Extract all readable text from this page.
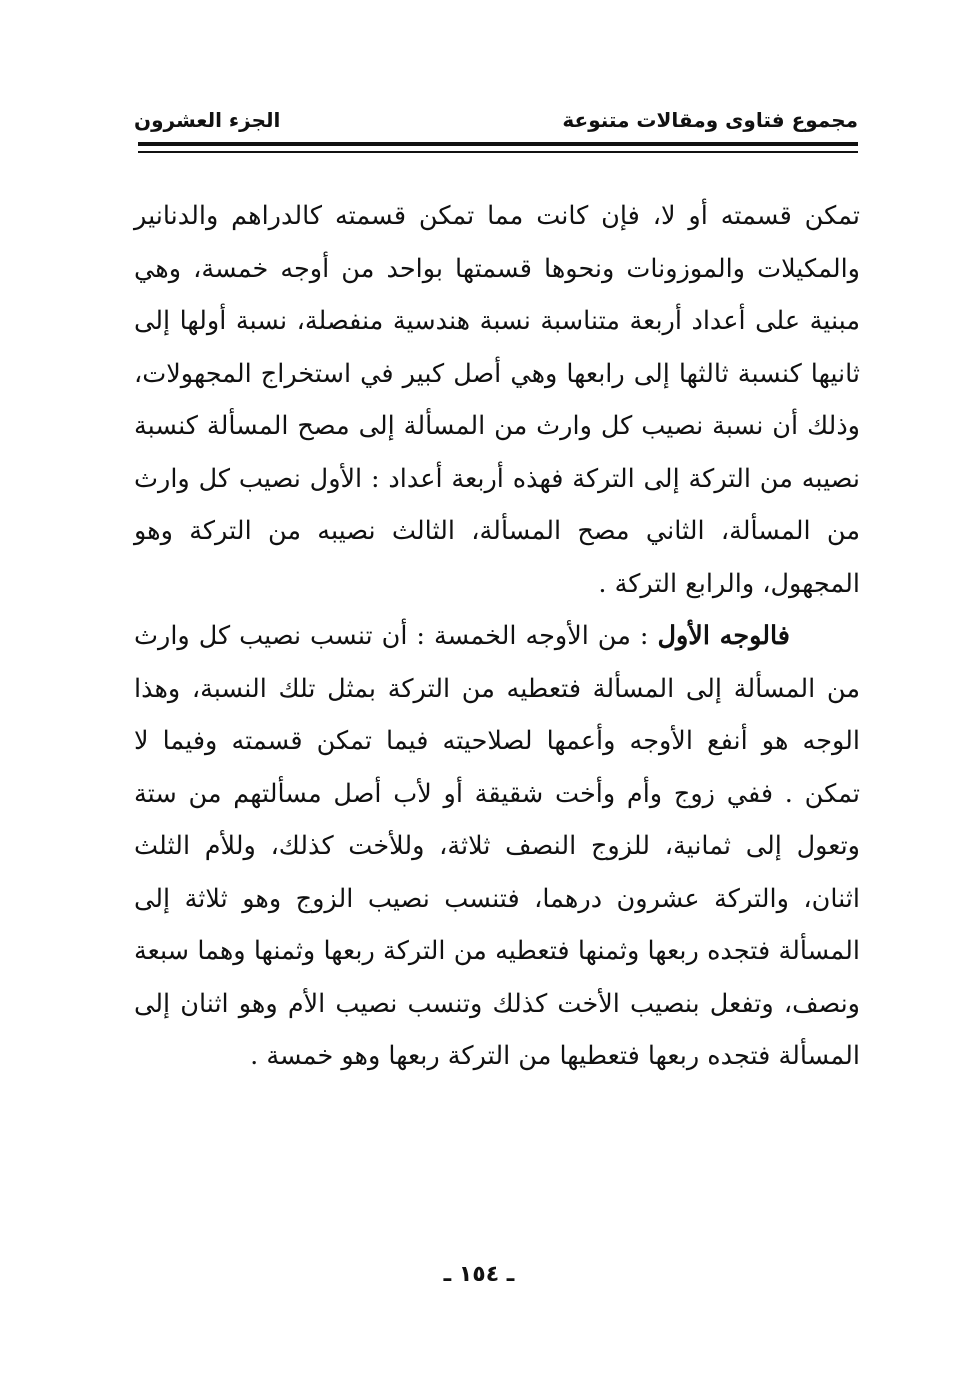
مجموع فتاوى ومقالات متنوعة
الجزء العشرون

تمكن قسمته أو لا، فإن كانت مما تمكن قسمته كالدراهم والدنانير والمكيلات والموزونات ونحوها قسمتها بواحد من أوجه خمسة، وهي مبنية على أعداد أربعة متناسبة نسبة هندسية منفصلة، نسبة أولها إلى ثانيها كنسبة ثالثها إلى رابعها وهي أصل كبير في استخراج المجهولات، وذلك أن نسبة نصيب كل وارث من المسألة إلى مصح المسألة كنسبة نصيبه من التركة إلى التركة فهذه أربعة أعداد : الأول نصيب كل وارث من المسألة، الثاني مصح المسألة، الثالث نصيبه من التركة وهو المجهول، والرابع التركة .

فالوجه الأول : من الأوجه الخمسة : أن تنسب نصيب كل وارث من المسألة إلى المسألة فتعطيه من التركة بمثل تلك النسبة، وهذا الوجه هو أنفع الأوجه وأعمها لصلاحيته فيما تمكن قسمته وفيما لا تمكن . ففي زوج وأم وأخت شقيقة أو لأب أصل مسألتهم من ستة وتعول إلى ثمانية، للزوج النصف ثلاثة، وللأخت كذلك، وللأم الثلث اثنان، والتركة عشرون درهما، فتنسب نصيب الزوج وهو ثلاثة إلى المسألة فتجده ربعها وثمنها فتعطيه من التركة ربعها وثمنها وهما سبعة ونصف، وتفعل بنصيب الأخت كذلك وتنسب نصيب الأم وهو اثنان إلى المسألة فتجده ربعها فتعطيها من التركة ربعها وهو خمسة .

ـ ١٥٤ ـ
